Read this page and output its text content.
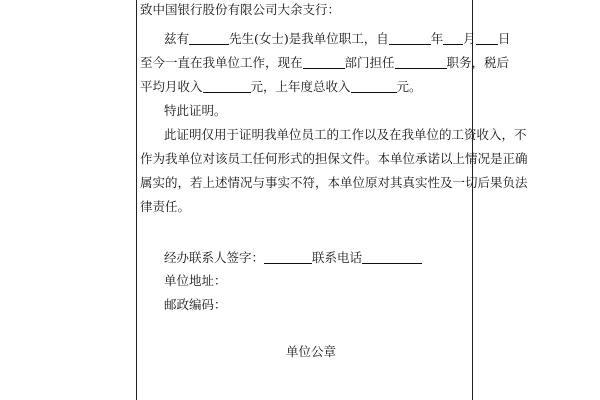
致中国银行股份有限公司大余支行：
兹有	先生(女士)是我单位职工，自	年 月 日
至今一直在我单位工作，现在	部门担任	职务，税后
平均月收入	元，上年度总收入	元。
特此证明。
此证明仅用于证明我单位员工的工作以及在我单位的工资收入，不
作为我单位对该员工任何形式的担保文件。本单位承诺以上情况是正确
属实的，若上述情况与事实不符，本单位原对其真实性及一切后果负法
律责任。
经办联系人签字：	联系电话
单位地址：
邮政编码：
单位公章
